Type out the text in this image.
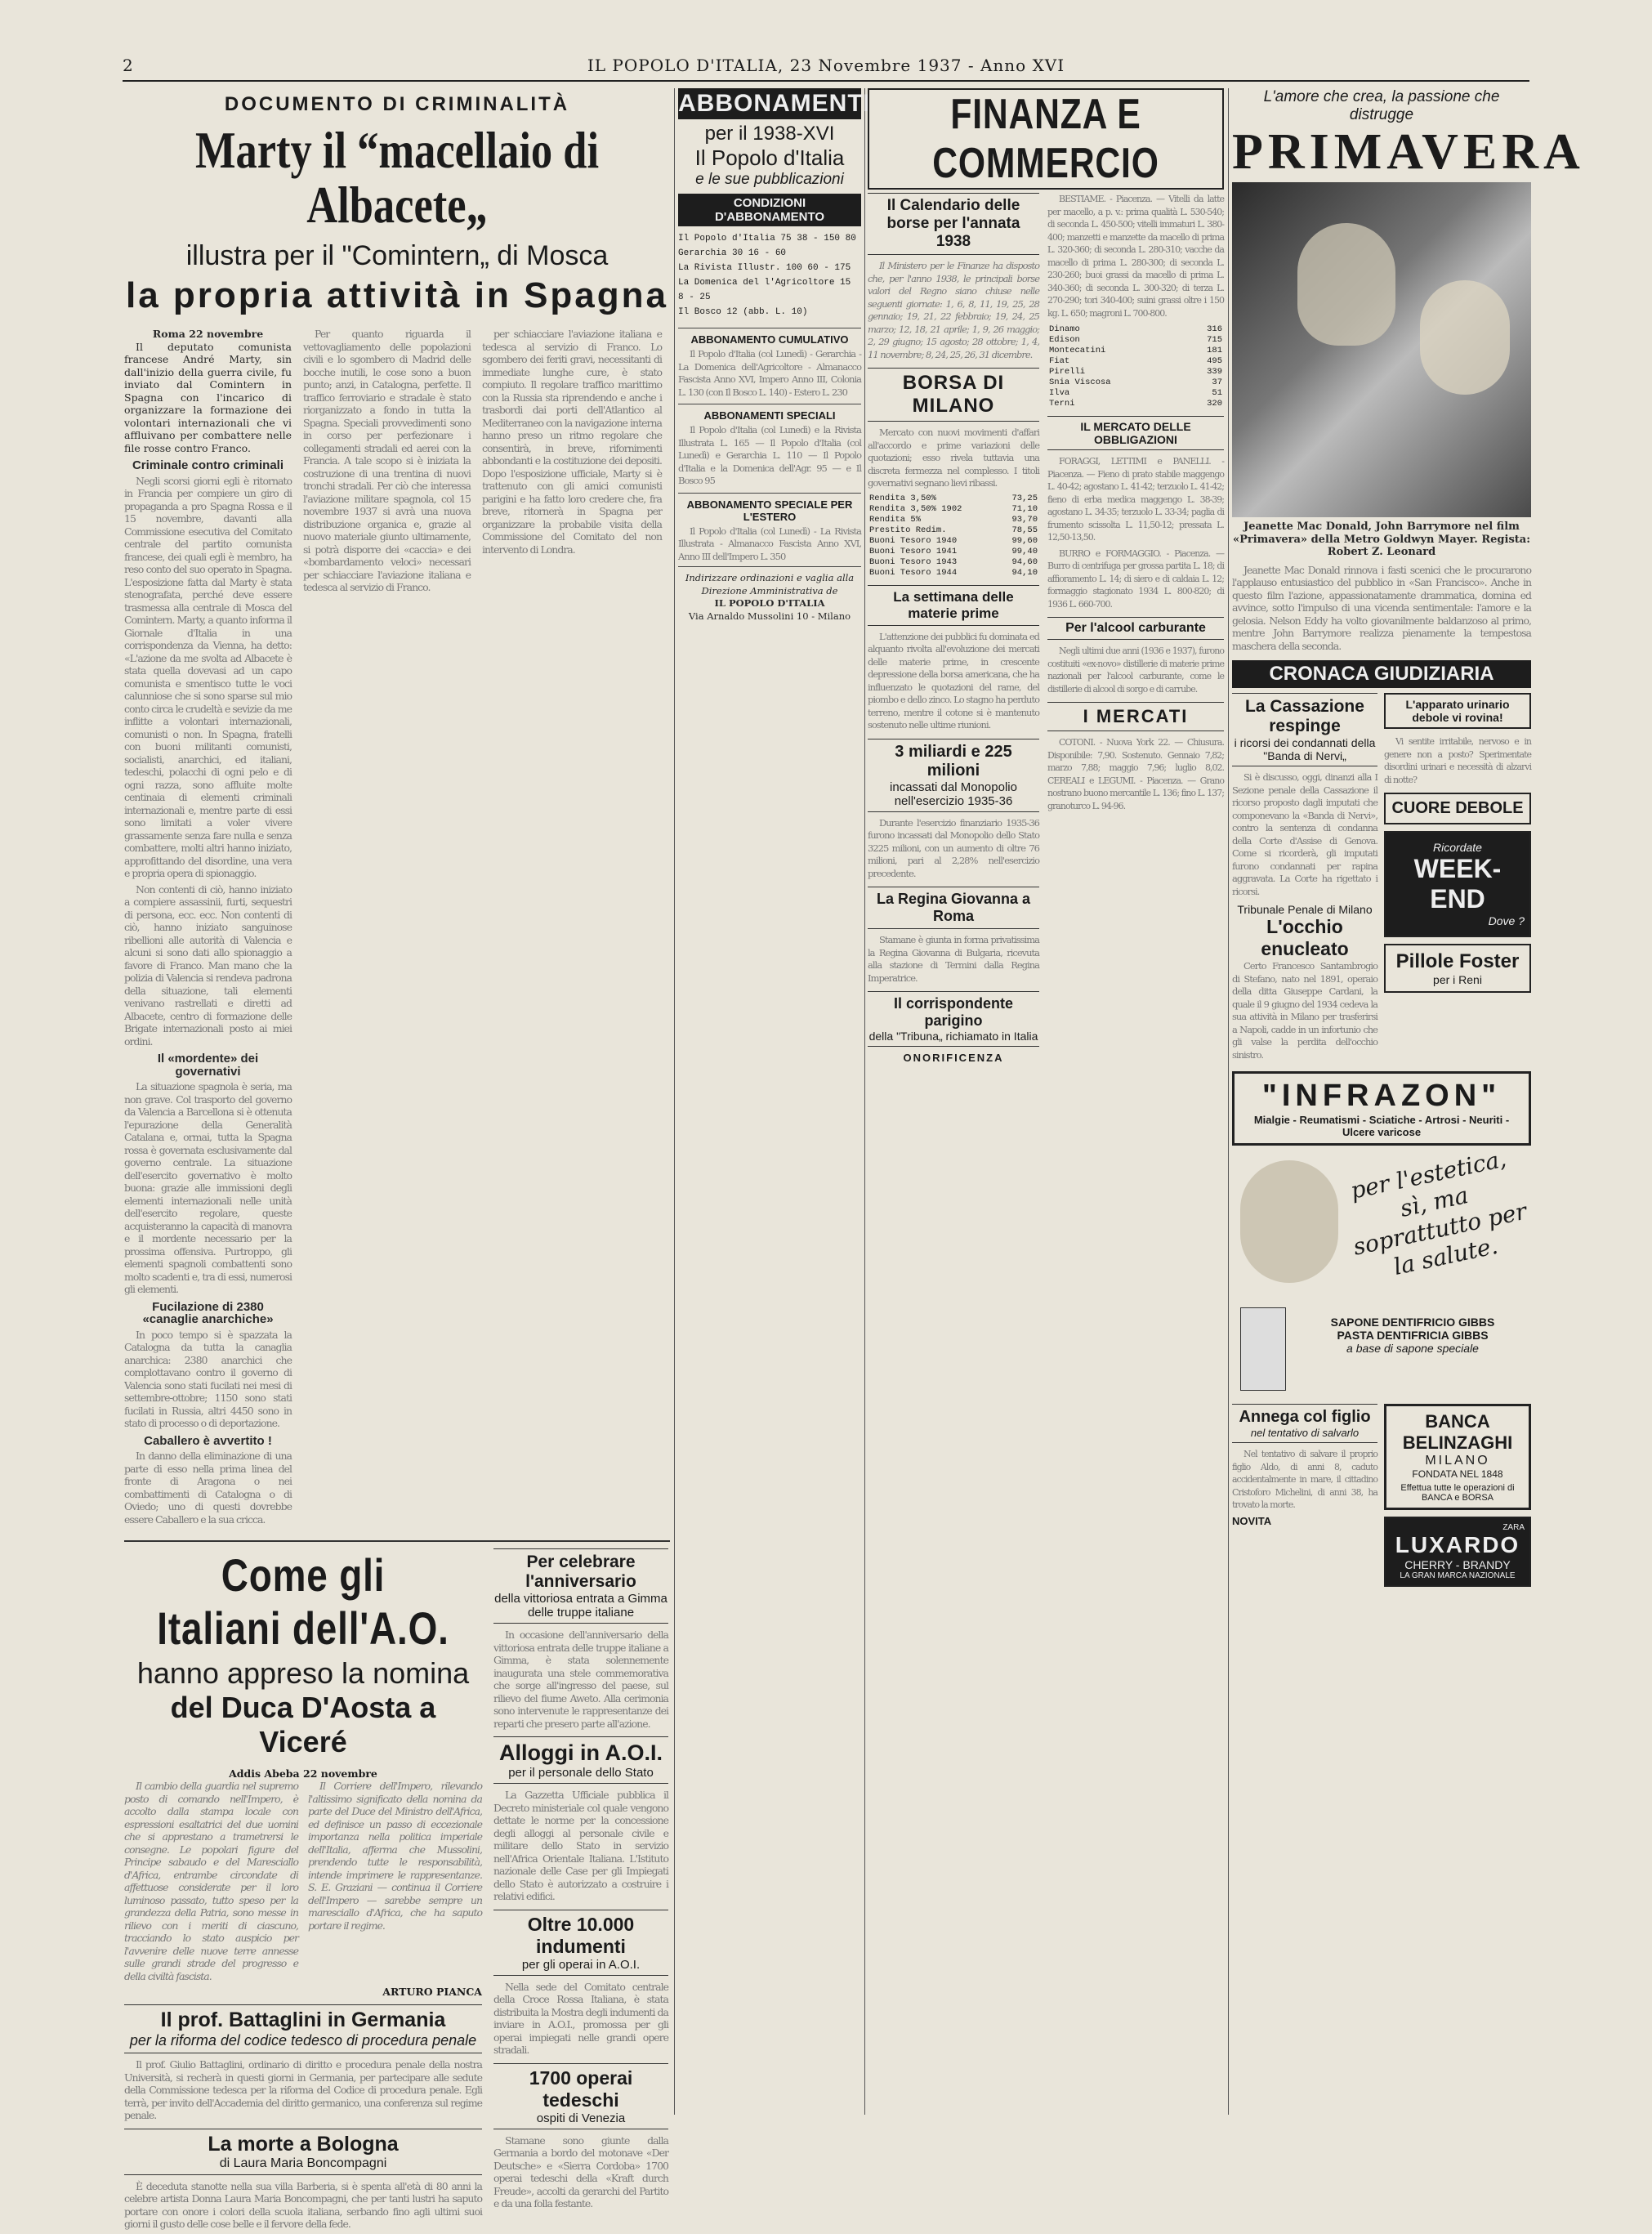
2	IL POPOLO D'ITALIA, 23 Novembre 1937 - Anno XVI
DOCUMENTO DI CRIMINALITÀ
Marty il “macellaio di Albacete„
illustra per il "Comintern„ di Mosca
la propria attività in Spagna
Roma 22 novembre

Il deputato comunista francese André Marty, sin dall'inizio della guerra civile, fu inviato dal Comintern in Spagna con l'incarico di organizzare la formazione dei volontari internazionali che vi affluivano per combattere nelle file rosse contro Franco.

Criminale contro criminali

Negli scorsi giorni egli è ritornato in Francia per compiere un giro di propaganda a pro Spagna Rossa e il 15 novembre, davanti alla Commissione esecutiva del Comitato centrale del partito comunista francese, dei quali egli è membro, ha reso conto del suo operato in Spagna. L'esposizione fatta dal Marty è stata stenografata, perché deve essere trasmessa alla centrale di Mosca del Comintern. Marty, a quanto informa il Giornale d'Italia in una corrispondenza da Vienna, ha detto: «L'azione da me svolta ad Albacete è stata quella dovevasi ad un capo comunista e smentisco tutte le voci calunniose che si sono sparse sul mio conto circa le crudeltà e sevizie da me inflitte a volontari internazionali, comunisti o non. In Spagna, fratelli con buoni militanti comunisti, socialisti, anarchici, ed italiani, tedeschi, polacchi di ogni pelo e di ogni razza, sono affluite molte centinaia di elementi criminali internazionali e, mentre parte di essi sono limitati a voler vivere grassamente senza fare nulla e senza combattere, molti altri hanno iniziato, approfittando del disordine, una vera e propria opera di spionaggio.

Non contenti di ciò, hanno iniziato a compiere assassinii, furti, sequestri di persona, ecc. ecc. Non contenti di ciò, hanno iniziato sanguinose ribellioni alle autorità di Valencia e alcuni si sono dati allo spionaggio a favore di Franco. Man mano che la polizia di Valencia si rendeva padrona della situazione, tali elementi venivano rastrellati e diretti ad Albacete, centro di formazione delle Brigate internazionali posto ai miei ordini.

Il «mordente» dei governativi

La situazione spagnola è seria, ma non grave. Col trasporto del governo da Valencia a Barcellona si è ottenuta l'epurazione della Generalità Catalana e, ormai, tutta la Spagna rossa è governata esclusivamente dal governo centrale. La situazione dell'esercito governativo è molto buona: grazie alle immissioni degli elementi internazionali nelle unità dell'esercito regolare, queste acquisteranno la capacità di manovra e il mordente necessario per la prossima offensiva. Purtroppo, gli elementi spagnoli combattenti sono molto scadenti e, tra di essi, numerosi gli elementi.

Fucilazione di 2380 «canaglie anarchiche»

In poco tempo si è spazzata la Catalogna da tutta la canaglia anarchica: 2380 anarchici che complottavano contro il governo di Valencia sono stati fucilati nei mesi di settembre-ottobre; 1150 sono stati fucilati in Russia, altri 4450 sono in stato di processo o di deportazione.

Caballero è avvertito !

In danno della eliminazione di una parte di esso nella prima linea del fronte di Aragona o nei combattimenti di Catalogna o di Oviedo; uno di questi dovrebbe essere Caballero e la sua cricca.

Per quanto riguarda il vettovagliamento delle popolazioni civili e lo sgombero di Madrid delle bocche inutili, le cose sono a buon punto; anzi, in Catalogna, perfette. Il traffico ferroviario e stradale è stato riorganizzato a fondo in tutta la Spagna. Speciali provvedimenti sono in corso per perfezionare i collegamenti stradali ed aerei con la Francia. A tale scopo si è iniziata la costruzione di una trentina di nuovi tronchi stradali. Per ciò che interessa l'aviazione militare spagnola, col 15 novembre 1937 si avrà una nuova distribuzione organica e, grazie al nuovo materiale giunto ultimamente, si potrà disporre dei «caccia» e dei «bombardamento veloci» necessari per schiacciare l'aviazione italiana e tedesca al servizio di Franco.

per schiacciare l'aviazione italiana e tedesca al servizio di Franco. Lo sgombero dei feriti gravi, necessitanti di immediate lunghe cure, è stato compiuto. Il regolare traffico marittimo con la Russia sta riprendendo e anche i trasbordi dai porti dell'Atlantico al Mediterraneo con la navigazione interna hanno preso un ritmo regolare che consentirà, in breve, rifornimenti abbondanti e la costituzione dei depositi. Dopo l'esposizione ufficiale, Marty si è trattenuto con gli amici comunisti parigini e ha fatto loro credere che, fra breve, ritornerà in Spagna per organizzare la probabile visita della Commissione del Comitato del non intervento di Londra.

Come gli Italiani dell'A.O.
hanno appreso la nomina
del Duca D'Aosta a Viceré
Addis Abeba 22 novembre

Il cambio della guardia nel supremo posto di comando nell'Impero, è accolto dalla stampa locale con espressioni esaltatrici del due uomini che si apprestano a trametrersi le consegne. Le popolari figure del Principe sabaudo e del Maresciallo d'Africa, entrambe circondate di affettuose considerate per il loro luminoso passato, tutto speso per la grandezza della Patria, sono messe in rilievo con i meriti di ciascuno, tracciando lo stato auspicio per l'avvenire delle nuove terre annesse sulle grandi strade del progresso e della civiltà fascista.

Il Corriere dell'Impero, rilevando l'altissimo significato della nomina da parte del Duce del Ministro dell'Africa, ed definisce un passo di eccezionale importanza nella politica imperiale dell'Italia, afferma che Mussolini, prendendo tutte le responsabilità, intende imprimere le rappresentanze. S. E. Graziani — continua il Corriere dell'Impero — sarebbe sempre un maresciallo d'Africa, che ha saputo portare il regime.

ARTURO PIANCA
Il prof. Battaglini in Germania
per la riforma del codice tedesco di procedura penale

Il prof. Giulio Battaglini, ordinario di diritto e procedura penale della nostra Università, si recherà in questi giorni in Germania, per partecipare alle sedute della Commissione tedesca per la riforma del Codice di procedura penale. Egli terrà, per invito dell'Accademia del diritto germanico, una conferenza sul regime penale.

La morte a Bologna
di Laura Maria Boncompagni

È deceduta stanotte nella sua villa Barberia, si è spenta all'età di 80 anni la celebre artista Donna Laura Maria Boncompagni, che per tanti lustri ha saputo portare con onore i colori della scuola italiana, serbando fino agli ultimi suoi giorni il gusto delle cose belle e il fervore della fede.

Per celebrare l'anniversario
della vittoriosa entrata a Gimma delle truppe italiane

In occasione dell'anniversario della vittoriosa entrata delle truppe italiane a Gimma, è stata solennemente inaugurata una stele commemorativa che sorge all'ingresso del paese, sul rilievo del fiume Aweto. Alla cerimonia sono intervenute le rappresentanze dei reparti che presero parte all'azione.

Alloggi in A.O.I.
per il personale dello Stato

La Gazzetta Ufficiale pubblica il Decreto ministeriale col quale vengono dettate le norme per la concessione degli alloggi al personale civile e militare dello Stato in servizio nell'Africa Orientale Italiana. L'Istituto nazionale delle Case per gli Impiegati dello Stato è autorizzato a costruire i relativi edifici.

Oltre 10.000 indumenti
per gli operai in A.O.I.

Nella sede del Comitato centrale della Croce Rossa Italiana, è stata distribuita la Mostra degli indumenti da inviare in A.O.I., promossa per gli operai impiegati nelle grandi opere stradali.

1700 operai tedeschi
ospiti di Venezia

Stamane sono giunte dalla Germania a bordo del motonave «Der Deutsche» e «Sierra Cordoba» 1700 operai tedeschi della «Kraft durch Freude», accolti da gerarchi del Partito e da una folla festante.

ABBONAMENTI
per il 1938-XVI
Il Popolo d'Italia
e le sue pubblicazioni
CONDIZIONI D'ABBONAMENTO
Il Popolo d'Italia 75 38 - 150 80
Gerarchia 30 16 - 60
La Rivista Illustr. 100 60 - 175
La Domenica del l'Agricoltore 15 8 - 25
Il Bosco 12 (abb. L. 10)
ABBONAMENTO CUMULATIVO

Il Popolo d'Italia (col Lunedì) - Gerarchia - La Domenica dell'Agricoltore - Almanacco Fascista Anno XVI, Impero Anno III, Colonia L. 130 (con Il Bosco L. 140) - Estero L. 230

ABBONAMENTI SPECIALI

Il Popolo d'Italia (col Lunedì) e la Rivista Illustrata L. 165 — Il Popolo d'Italia (col Lunedì) e Gerarchia L. 110 — Il Popolo d'Italia e la Domenica dell'Agr. 95 — e Il Bosco 95

ABBONAMENTO SPECIALE PER L'ESTERO

Il Popolo d'Italia (col Lunedì) - La Rivista Illustrata - Almanacco Fascista Anno XVI, Anno III dell'Impero L. 350

Indirizzare ordinazioni e vaglia alla Direzione Amministrativa de
IL POPOLO D'ITALIA
Via Arnaldo Mussolini 10 - Milano
FINANZA E COMMERCIO
Il Calendario delle borse per l'annata 1938

Il Ministero per le Finanze ha disposto che, per l'anno 1938, le principali borse valori del Regno siano chiuse nelle seguenti giornate: 1, 6, 8, 11, 19, 25, 28 gennaio; 19, 21, 22 febbraio; 19, 24, 25 marzo; 12, 18, 21 aprile; 1, 9, 26 maggio; 2, 29 giugno; 15 agosto; 28 ottobre; 1, 4, 11 novembre; 8, 24, 25, 26, 31 dicembre.

BORSA DI MILANO

Mercato con nuovi movimenti d'affari all'accordo e prime variazioni delle quotazioni; esso rivela tuttavia una discreta fermezza nel complesso. I titoli governativi segnano lievi ribassi.

Rendita 3,50%	73,25
Rendita 3,50% 1902	71,10
Rendita 5%	93,70
Prestito Redim.	78,55
Buoni Tesoro 1940	99,60
Buoni Tesoro 1941	99,40
Buoni Tesoro 1943	94,60
Buoni Tesoro 1944	94,10
La settimana delle materie prime

L'attenzione dei pubblici fu dominata ed alquanto rivolta all'evoluzione dei mercati delle materie prime, in crescente depressione della borsa americana, che ha influenzato le quotazioni del rame, del piombo e dello zinco. Lo stagno ha perduto terreno, mentre il cotone si è mantenuto sostenuto nelle ultime riunioni.

3 miliardi e 225 milioni
incassati dal Monopolio nell'esercizio 1935-36

Durante l'esercizio finanziario 1935-36 furono incassati dal Monopolio dello Stato 3225 milioni, con un aumento di oltre 76 milioni, pari al 2,28% nell'esercizio precedente.

La Regina Giovanna a Roma

Stamane è giunta in forma privatissima la Regina Giovanna di Bulgaria, ricevuta alla stazione di Termini dalla Regina Imperatrice.

Il corrispondente parigino
della "Tribuna„ richiamato in Italia
ONORIFICENZA

BESTIAME. - Piacenza. — Vitelli da latte per macello, a p. v.: prima qualità L. 530-540; di seconda L. 450-500; vitelli immaturi L. 380-400; manzetti e manzette da macello di prima L. 320-360; di seconda L. 280-310; vacche da macello di prima L. 280-300; di seconda L. 230-260; buoi grassi da macello di prima L. 340-360; di seconda L. 300-320; di terza L. 270-290; tori 340-400; suini grassi oltre i 150 kg. L. 650; magroni L. 700-800.

Dinamo	316
Edison	715
Montecatini	181
Fiat	495
Pirelli	339
Snia Viscosa	37
Ilva	51
Terni	320
IL MERCATO DELLE OBBLIGAZIONI

FORAGGI, LETTIMI e PANELLI. - Piacenza. — Fieno di prato stabile maggengo L. 40-42; agostano L. 41-42; terzuolo L. 41-42; fieno di erba medica maggengo L. 38-39; agostano L. 34-35; terzuolo L. 33-34; paglia di frumento scissolta L. 11,50-12; pressata L. 12,50-13,50.

BURRO e FORMAGGIO. - Piacenza. — Burro di centrifuga per grossa partita L. 18; di affioramento L. 14; di siero e di caldaia L. 12; formaggio stagionato 1934 L. 800-820; di 1936 L. 660-700.

Per l'alcool carburante

Negli ultimi due anni (1936 e 1937), furono costituiti «ex-novo» distillerie di materie prime nazionali per l'alcool carburante, come le distillerie di alcool di sorgo e di carrube.

I MERCATI

COTONI. - Nuova York 22. — Chiusura. Disponibile: 7,90. Sostenuto. Gennaio 7,82; marzo 7,88; maggio 7,96; luglio 8,02. CEREALI e LEGUMI. - Piacenza. — Grano nostrano buono mercantile L. 136; fino L. 137; granoturco L. 94-96.

L'amore che crea, la passione che distrugge
PRIMAVERA
Jeanette Mac Donald, John Barrymore nel film «Primavera» della Metro Goldwyn Mayer. Regista: Robert Z. Leonard

Jeanette Mac Donald rinnova i fasti scenici che le procurarono l'applauso entusiastico del pubblico in «San Francisco». Anche in questo film l'azione, appassionatamente drammatica, domina ed avvince, sotto l'impulso di una vicenda sentimentale: l'amore e la gelosia. Nelson Eddy ha volto giovanilmente baldanzoso al primo, mentre John Barrymore realizza pienamente la tempestosa maschera della seconda.

CRONACA GIUDIZIARIA
La Cassazione respinge
i ricorsi dei condannati della "Banda di Nervi„

Si è discusso, oggi, dinanzi alla I Sezione penale della Cassazione il ricorso proposto dagli imputati che componevano la «Banda di Nervi», contro la sentenza di condanna della Corte d'Assise di Genova. Come si ricorderà, gli imputati furono condannati per rapina aggravata. La Corte ha rigettato i ricorsi.

Tribunale Penale di Milano
L'occhio enucleato

Certo Francesco Santambrogio di Stefano, nato nel 1891, operaio della ditta Giuseppe Cardani, la quale il 9 giugno del 1934 cedeva la sua attività in Milano per trasferirsi a Napoli, cadde in un infortunio che gli valse la perdita dell'occhio sinistro.

L'apparato urinario debole vi rovina!

Vi sentite irritabile, nervoso e in genere non a posto? Sperimentate disordini urinari e necessità di alzarvi di notte?

CUORE DEBOLE
Ricordate
WEEK-END
Dove ?
Pillole Foster
per i Reni
"INFRAZON"
Mialgie - Reumatismi - Sciatiche - Artrosi - Neuriti - Ulcere varicose
per l'estetica, sì, ma soprattutto per la salute.
SAPONE DENTIFRICIO GIBBS
PASTA DENTIFRICIA GIBBS
a base di sapone speciale
Annega col figlio
nel tentativo di salvarlo

Nel tentativo di salvare il proprio figlio Aldo, di anni 8, caduto accidentalmente in mare, il cittadino Cristoforo Michelini, di anni 38, ha trovato la morte.

NOVITA
BANCA BELINZAGHI
MILANO
FONDATA NEL 1848
Effettua tutte le operazioni di BANCA e BORSA
ZARA
LUXARDO
CHERRY - BRANDY
LA GRAN MARCA NAZIONALE
